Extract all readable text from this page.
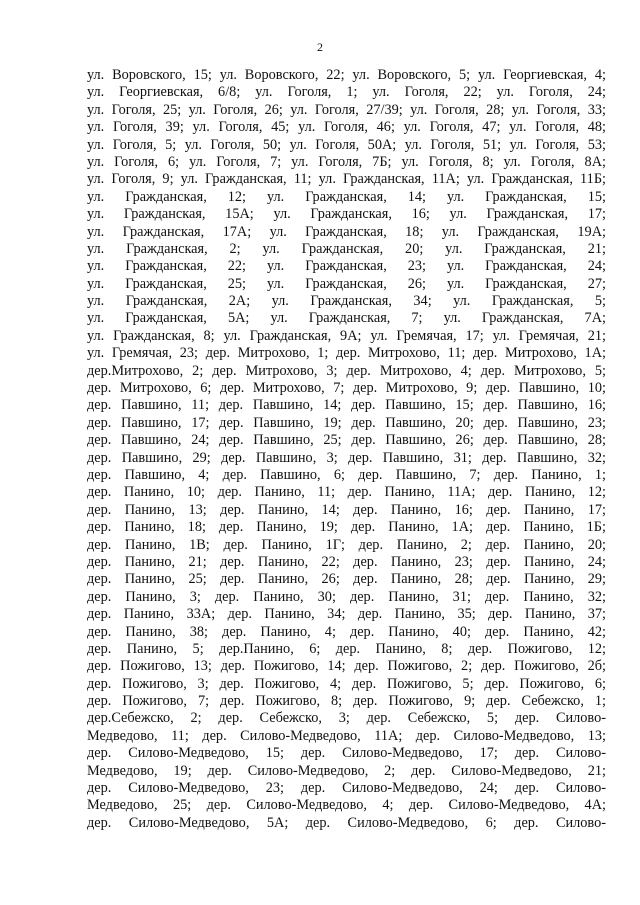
2
ул. Воровского, 15; ул. Воровского, 22; ул. Воровского, 5; ул. Георгиевская, 4;
ул. Георгиевская, 6/8; ул. Гоголя, 1; ул. Гоголя, 22; ул. Гоголя, 24;
ул. Гоголя, 25; ул. Гоголя, 26; ул. Гоголя, 27/39; ул. Гоголя, 28; ул. Гоголя, 33;
ул. Гоголя, 39; ул. Гоголя, 45; ул. Гоголя, 46; ул. Гоголя, 47; ул. Гоголя, 48;
ул. Гоголя, 5; ул. Гоголя, 50; ул. Гоголя, 50А; ул. Гоголя, 51; ул. Гоголя, 53;
ул. Гоголя, 6; ул. Гоголя, 7; ул. Гоголя, 7Б; ул. Гоголя, 8; ул. Гоголя, 8А;
ул. Гоголя, 9; ул. Гражданская, 11; ул. Гражданская, 11А; ул. Гражданская, 11Б;
ул. Гражданская, 12; ул. Гражданская, 14; ул. Гражданская, 15;
ул. Гражданская, 15А; ул. Гражданская, 16; ул. Гражданская, 17;
ул. Гражданская, 17А; ул. Гражданская, 18; ул. Гражданская, 19А;
ул. Гражданская, 2; ул. Гражданская, 20; ул. Гражданская, 21;
ул. Гражданская, 22; ул. Гражданская, 23; ул. Гражданская, 24;
ул. Гражданская, 25; ул. Гражданская, 26; ул. Гражданская, 27;
ул. Гражданская, 2А; ул. Гражданская, 34; ул. Гражданская, 5;
ул. Гражданская, 5А; ул. Гражданская, 7; ул. Гражданская, 7А;
ул. Гражданская, 8; ул. Гражданская, 9А; ул. Гремячая, 17; ул. Гремячая, 21;
ул. Гремячая, 23; дер. Митрохово, 1; дер. Митрохово, 11; дер. Митрохово, 1А;
дер.Митрохово, 2; дер. Митрохово, 3; дер. Митрохово, 4; дер. Митрохово, 5;
дер. Митрохово, 6; дер. Митрохово, 7; дер. Митрохово, 9; дер. Павшино, 10;
дер. Павшино, 11; дер. Павшино, 14; дер. Павшино, 15; дер. Павшино, 16;
дер. Павшино, 17; дер. Павшино, 19; дер. Павшино, 20; дер. Павшино, 23;
дер. Павшино, 24; дер. Павшино, 25; дер. Павшино, 26; дер. Павшино, 28;
дер. Павшино, 29; дер. Павшино, 3; дер. Павшино, 31; дер. Павшино, 32;
дер. Павшино, 4; дер. Павшино, 6; дер. Павшино, 7; дер. Панино, 1;
дер. Панино, 10; дер. Панино, 11; дер. Панино, 11А; дер. Панино, 12;
дер. Панино, 13; дер. Панино, 14; дер. Панино, 16; дер. Панино, 17;
дер. Панино, 18; дер. Панино, 19; дер. Панино, 1А; дер. Панино, 1Б;
дер. Панино, 1В; дер. Панино, 1Г; дер. Панино, 2; дер. Панино, 20;
дер. Панино, 21; дер. Панино, 22; дер. Панино, 23; дер. Панино, 24;
дер. Панино, 25; дер. Панино, 26; дер. Панино, 28; дер. Панино, 29;
дер. Панино, 3; дер. Панино, 30; дер. Панино, 31; дер. Панино, 32;
дер. Панино, 33А; дер. Панино, 34; дер. Панино, 35; дер. Панино, 37;
дер. Панино, 38; дер. Панино, 4; дер. Панино, 40; дер. Панино, 42;
дер. Панино, 5; дер.Панино, 6; дер. Панино, 8; дер. Пожигово, 12;
дер. Пожигово, 13; дер. Пожигово, 14; дер. Пожигово, 2; дер. Пожигово, 2б;
дер. Пожигово, 3; дер. Пожигово, 4; дер. Пожигово, 5; дер. Пожигово, 6;
дер. Пожигово, 7; дер. Пожигово, 8; дер. Пожигово, 9; дер. Себежско, 1;
дер.Себежско, 2; дер. Себежско, 3; дер. Себежско, 5; дер. Силово-
Медведово, 11; дер. Силово-Медведово, 11А; дер. Силово-Медведово, 13;
дер. Силово-Медведово, 15; дер. Силово-Медведово, 17; дер. Силово-
Медведово, 19; дер. Силово-Медведово, 2; дер. Силово-Медведово, 21;
дер. Силово-Медведово, 23; дер. Силово-Медведово, 24; дер. Силово-
Медведово, 25; дер. Силово-Медведово, 4; дер. Силово-Медведово, 4А;
дер. Силово-Медведово, 5А; дер. Силово-Медведово, 6; дер. Силово-
